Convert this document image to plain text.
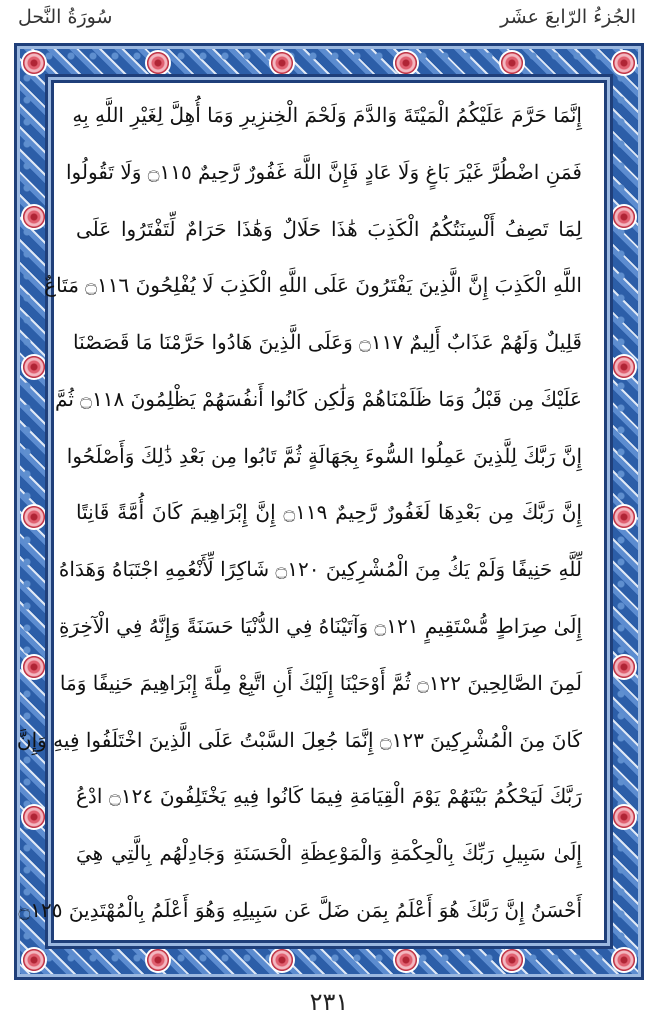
الجُزءُ الرّابعَ عشَر
سُورَةُ النَّحل
إِنَّمَا حَرَّمَ عَلَيْكُمُ الْمَيْتَةَ وَالدَّمَ وَلَحْمَ الْخِنزِيرِ وَمَا أُهِلَّ لِغَيْرِ اللَّهِ بِهِ
فَمَنِ اضْطُرَّ غَيْرَ بَاغٍ وَلَا عَادٍ فَإِنَّ اللَّهَ غَفُورٌ رَّحِيمٌ ۝١١٥ وَلَا تَقُولُوا
لِمَا تَصِفُ أَلْسِنَتُكُمُ الْكَذِبَ هَٰذَا حَلَالٌ وَهَٰذَا حَرَامٌ لِّتَفْتَرُوا عَلَى
اللَّهِ الْكَذِبَ إِنَّ الَّذِينَ يَفْتَرُونَ عَلَى اللَّهِ الْكَذِبَ لَا يُفْلِحُونَ ۝١١٦ مَتَاعٌ
قَلِيلٌ وَلَهُمْ عَذَابٌ أَلِيمٌ ۝١١٧ وَعَلَى الَّذِينَ هَادُوا حَرَّمْنَا مَا قَصَصْنَا
عَلَيْكَ مِن قَبْلُ وَمَا ظَلَمْنَاهُمْ وَلَٰكِن كَانُوا أَنفُسَهُمْ يَظْلِمُونَ ۝١١٨ ثُمَّ
إِنَّ رَبَّكَ لِلَّذِينَ عَمِلُوا السُّوءَ بِجَهَالَةٍ ثُمَّ تَابُوا مِن بَعْدِ ذَٰلِكَ وَأَصْلَحُوا
إِنَّ رَبَّكَ مِن بَعْدِهَا لَغَفُورٌ رَّحِيمٌ ۝١١٩ إِنَّ إِبْرَاهِيمَ كَانَ أُمَّةً قَانِتًا
لِّلَّهِ حَنِيفًا وَلَمْ يَكُ مِنَ الْمُشْرِكِينَ ۝١٢٠ شَاكِرًا لِّأَنْعُمِهِ اجْتَبَاهُ وَهَدَاهُ
إِلَىٰ صِرَاطٍ مُّسْتَقِيمٍ ۝١٢١ وَآتَيْنَاهُ فِي الدُّنْيَا حَسَنَةً وَإِنَّهُ فِي الْآخِرَةِ
لَمِنَ الصَّالِحِينَ ۝١٢٢ ثُمَّ أَوْحَيْنَا إِلَيْكَ أَنِ اتَّبِعْ مِلَّةَ إِبْرَاهِيمَ حَنِيفًا وَمَا
كَانَ مِنَ الْمُشْرِكِينَ ۝١٢٣ إِنَّمَا جُعِلَ السَّبْتُ عَلَى الَّذِينَ اخْتَلَفُوا فِيهِ وَإِنَّ
رَبَّكَ لَيَحْكُمُ بَيْنَهُمْ يَوْمَ الْقِيَامَةِ فِيمَا كَانُوا فِيهِ يَخْتَلِفُونَ ۝١٢٤ ادْعُ
إِلَىٰ سَبِيلِ رَبِّكَ بِالْحِكْمَةِ وَالْمَوْعِظَةِ الْحَسَنَةِ وَجَادِلْهُم بِالَّتِي هِيَ
أَحْسَنُ إِنَّ رَبَّكَ هُوَ أَعْلَمُ بِمَن ضَلَّ عَن سَبِيلِهِ وَهُوَ أَعْلَمُ بِالْمُهْتَدِينَ ۝١٢٥
٢٣١
